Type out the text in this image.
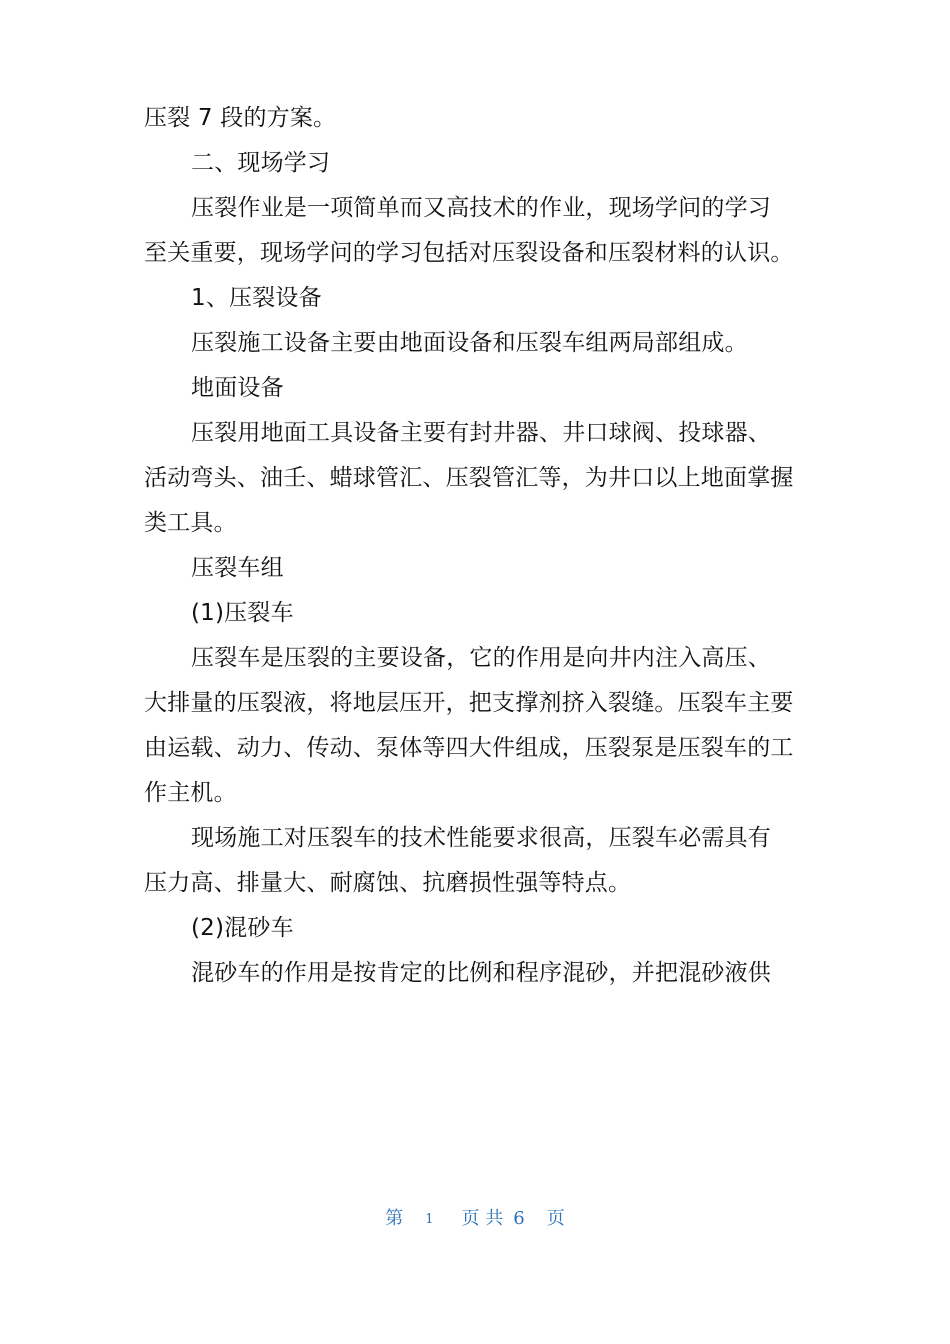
压裂 7 段的方案。

二、现场学习

压裂作业是一项简单而又高技术的作业，现场学问的学习至关重要，现场学问的学习包括对压裂设备和压裂材料的认识。

1、压裂设备

压裂施工设备主要由地面设备和压裂车组两局部组成。

地面设备

压裂用地面工具设备主要有封井器、井口球阀、投球器、活动弯头、油壬、蜡球管汇、压裂管汇等，为井口以上地面掌握类工具。

压裂车组

(1)压裂车

压裂车是压裂的主要设备，它的作用是向井内注入高压、大排量的压裂液，将地层压开，把支撑剂挤入裂缝。压裂车主要由运载、动力、传动、泵体等四大件组成，压裂泵是压裂车的工作主机。

现场施工对压裂车的技术性能要求很高，压裂车必需具有压力高、排量大、耐腐蚀、抗磨损性强等特点。

(2)混砂车

混砂车的作用是按肯定的比例和程序混砂，并把混砂液供

第 1 页 共 6 页
